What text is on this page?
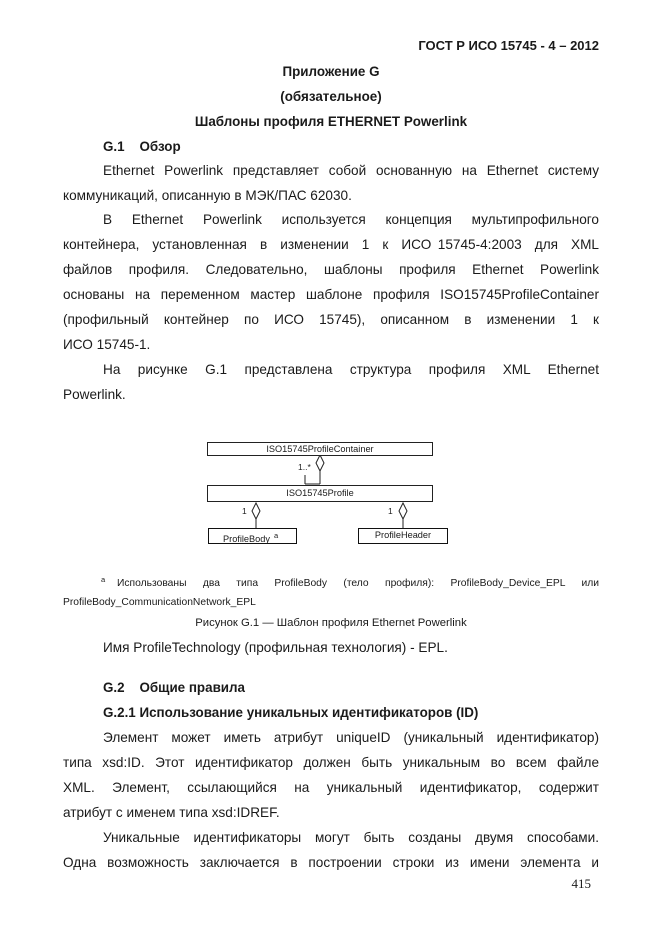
ГОСТ Р ИСО 15745 - 4 – 2012
Приложение G
(обязательное)
Шаблоны профиля ETHERNET Powerlink
G.1    Обзор
Ethernet Powerlink представляет собой основанную на Ethernet систему
коммуникаций, описанную в МЭК/ПАС 62030.
В   Ethernet   Powerlink   используется   концепция   мультипрофильного
контейнера,  установленная  в  изменении  1  к  ИСО 15745-4:2003  для  XML
файлов  профиля.  Следовательно,  шаблоны  профиля  Ethernet  Powerlink
основаны на переменном мастер шаблоне профиля ISO15745ProfileContainer
(профильный  контейнер  по  ИСО  15745),  описанном  в  изменении  1  к
ИСО 15745-1.
На   рисунке   G.1   представлена   структура   профиля   XML   Ethernet
Powerlink.
ISO15745ProfileContainer
1..*
ISO15745Profile
1	1
ProfileBody $^a$	ProfileHeader
a Использованы   два   типа   ProfileBody   (тело   профиля):   ProfileBody_Device_EPL   или
ProfileBody_CommunicationNetwork_EPL
Рисунок G.1 — Шаблон профиля Ethernet Powerlink
Имя ProfileTechnology (профильная технология) - EPL.
G.2    Общие правила
G.2.1 Использование уникальных идентификаторов (ID)
Элемент  может  иметь  атрибут  uniqueID  (уникальный  идентификатор)
типа  xsd:ID.  Этот  идентификатор  должен  быть  уникальным  во  всем  файле
XML.   Элемент,   ссылающийся   на   уникальный   идентификатор,   содержит
атрибут с именем типа xsd:IDREF.
Уникальные  идентификаторы  могут  быть  созданы  двумя  способами.
Одна  возможность  заключается  в  построении  строки  из  имени  элемента  и
415
